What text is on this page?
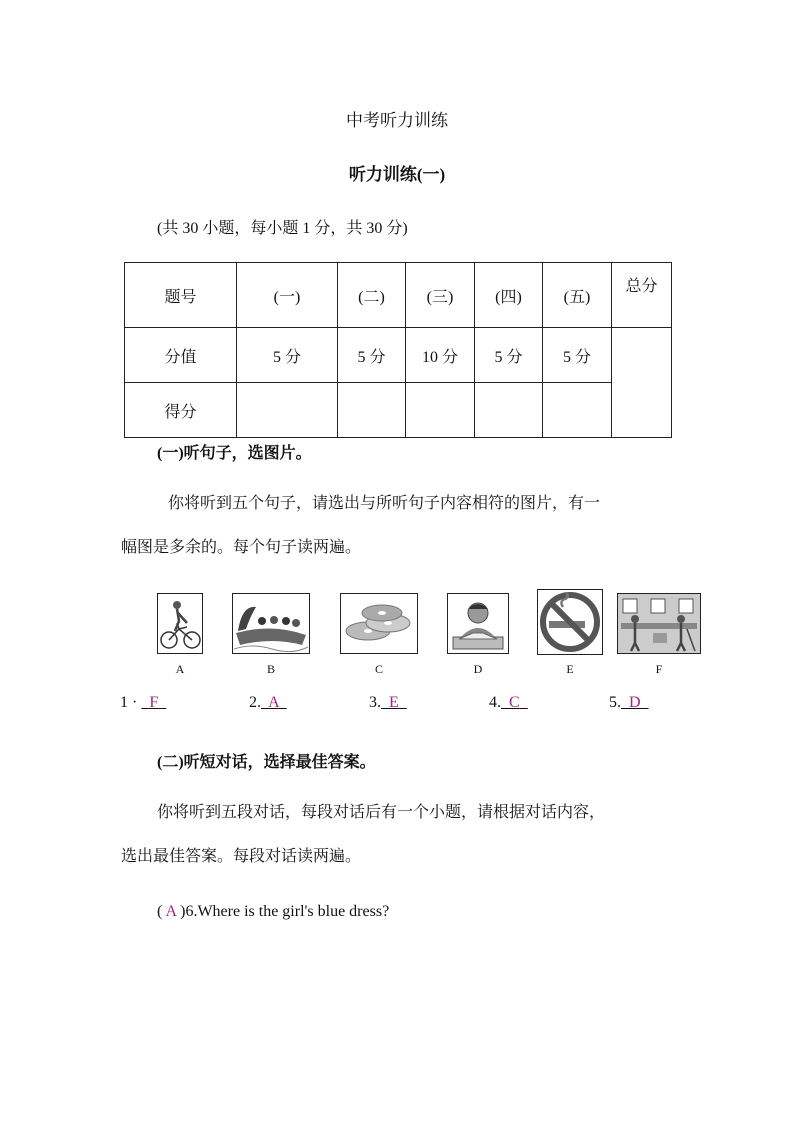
中考听力训练
听力训练(一)
(共 30 小题，每小题 1 分，共 30 分)
题号	(一)	(二)	(三)	(四)	(五)	总分
分值	5 分	5 分	10 分	5 分	5 分	
得分						
(一)听句子，选图片。
你将听到五个句子，请选出与所听句子内容相符的图片，有一
幅图是多余的。每个句子读两遍。
A	B	C	D	E	F
1 ·   F	2. A	3. E	4. C	5. D
(二)听短对话，选择最佳答案。
你将听到五段对话，每段对话后有一个小题，请根据对话内容，
选出最佳答案。每段对话读两遍。
( A )6.Where is the girl's blue dress?
